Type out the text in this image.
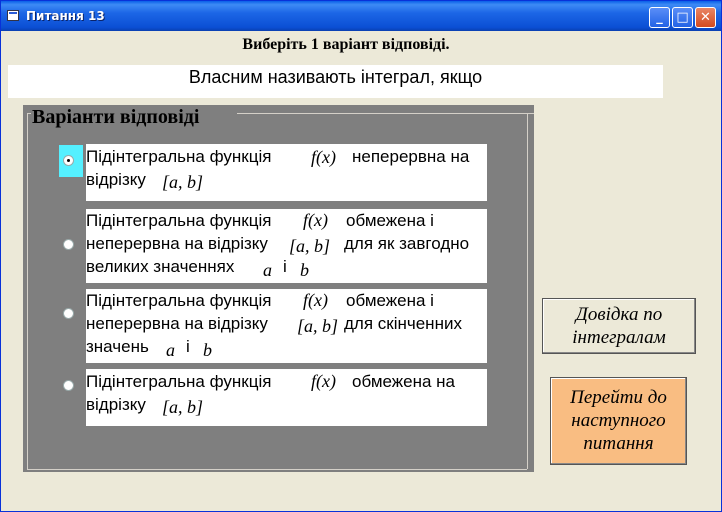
Питання 13	_	□ ✕
Виберіть 1 варіант відповіді.
Власним називають інтеграл, якщо
Варіанти відповіді
Підінтегральна функція f(x) неперервна на
відрізку [a, b]
Підінтегральна функція f(x) обмежена і
неперервна на відрізку [a, b] для як завгодно
великих значеннях a і b
Підінтегральна функція f(x) обмежена і
неперервна на відрізку [a, b] для скінченних
значень a і b
Підінтегральна функція f(x) обмежена на
відрізку [a, b]
Довідка по
інтегралам
Перейти до
наступного
питання
